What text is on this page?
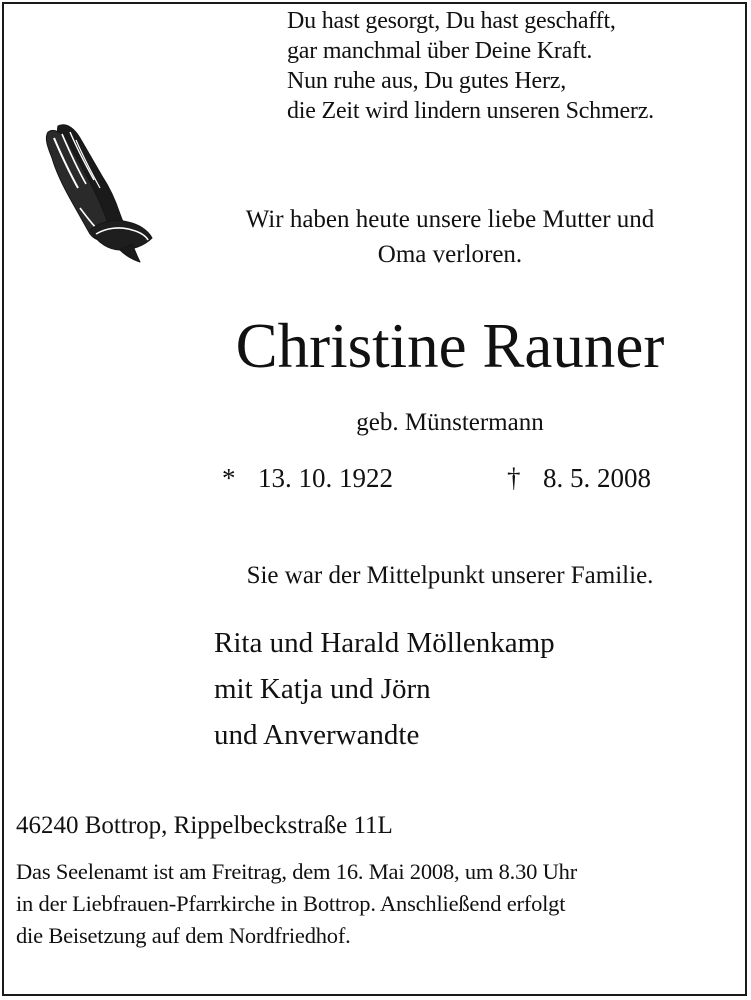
Du hast gesorgt, Du hast geschafft,
gar manchmal über Deine Kraft.
Nun ruhe aus, Du gutes Herz,
die Zeit wird lindern unseren Schmerz.
Wir haben heute unsere liebe Mutter und
Oma verloren.
Christine Rauner
geb. Münstermann
* 13. 10. 1922	† 8. 5. 2008
Sie war der Mittelpunkt unserer Familie.
Rita und Harald Möllenkamp
mit Katja und Jörn
und Anverwandte
46240 Bottrop, Rippelbeckstraße 11L
Das Seelenamt ist am Freitrag, dem 16. Mai 2008, um 8.30 Uhr
in der Liebfrauen-Pfarrkirche in Bottrop. Anschließend erfolgt
die Beisetzung auf dem Nordfriedhof.
